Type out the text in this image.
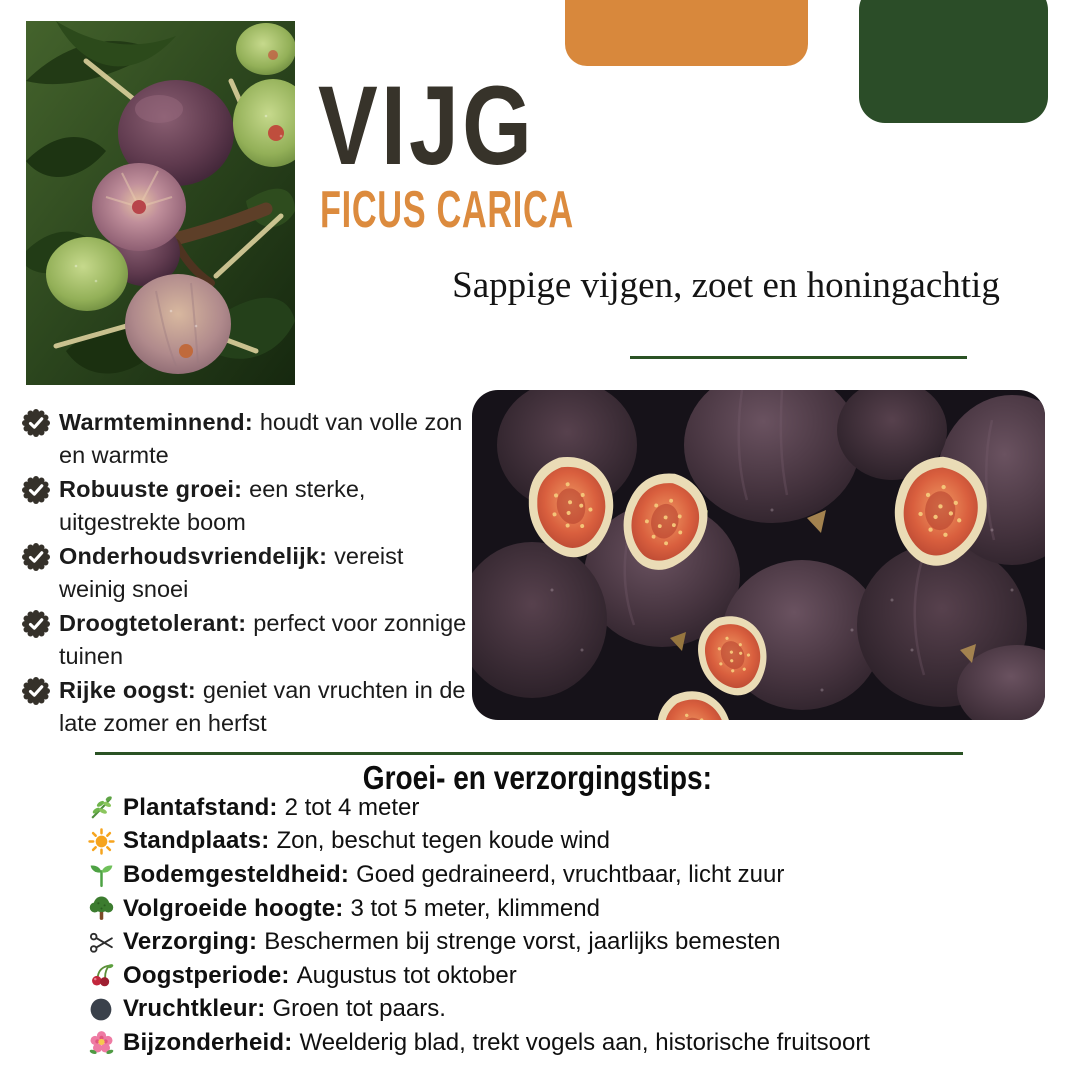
VIJG
FICUS CARICA
Sappige vijgen, zoet en honingachtig
Warmteminnend: houdt van volle zon
en warmte
Robuuste groei: een sterke,
uitgestrekte boom
Onderhoudsvriendelijk: vereist
weinig snoei
Droogtetolerant: perfect voor zonnige
tuinen
Rijke oogst: geniet van vruchten in de
late zomer en herfst
Groei- en verzorgingstips:
Plantafstand: 2 tot 4 meter
Standplaats: Zon, beschut tegen koude wind
Bodemgesteldheid: Goed gedraineerd, vruchtbaar, licht zuur
Volgroeide hoogte: 3 tot 5 meter, klimmend
Verzorging: Beschermen bij strenge vorst, jaarlijks bemesten
Oogstperiode: Augustus tot oktober
Vruchtkleur: Groen tot paars.
Bijzonderheid: Weelderig blad, trekt vogels aan, historische fruitsoort
